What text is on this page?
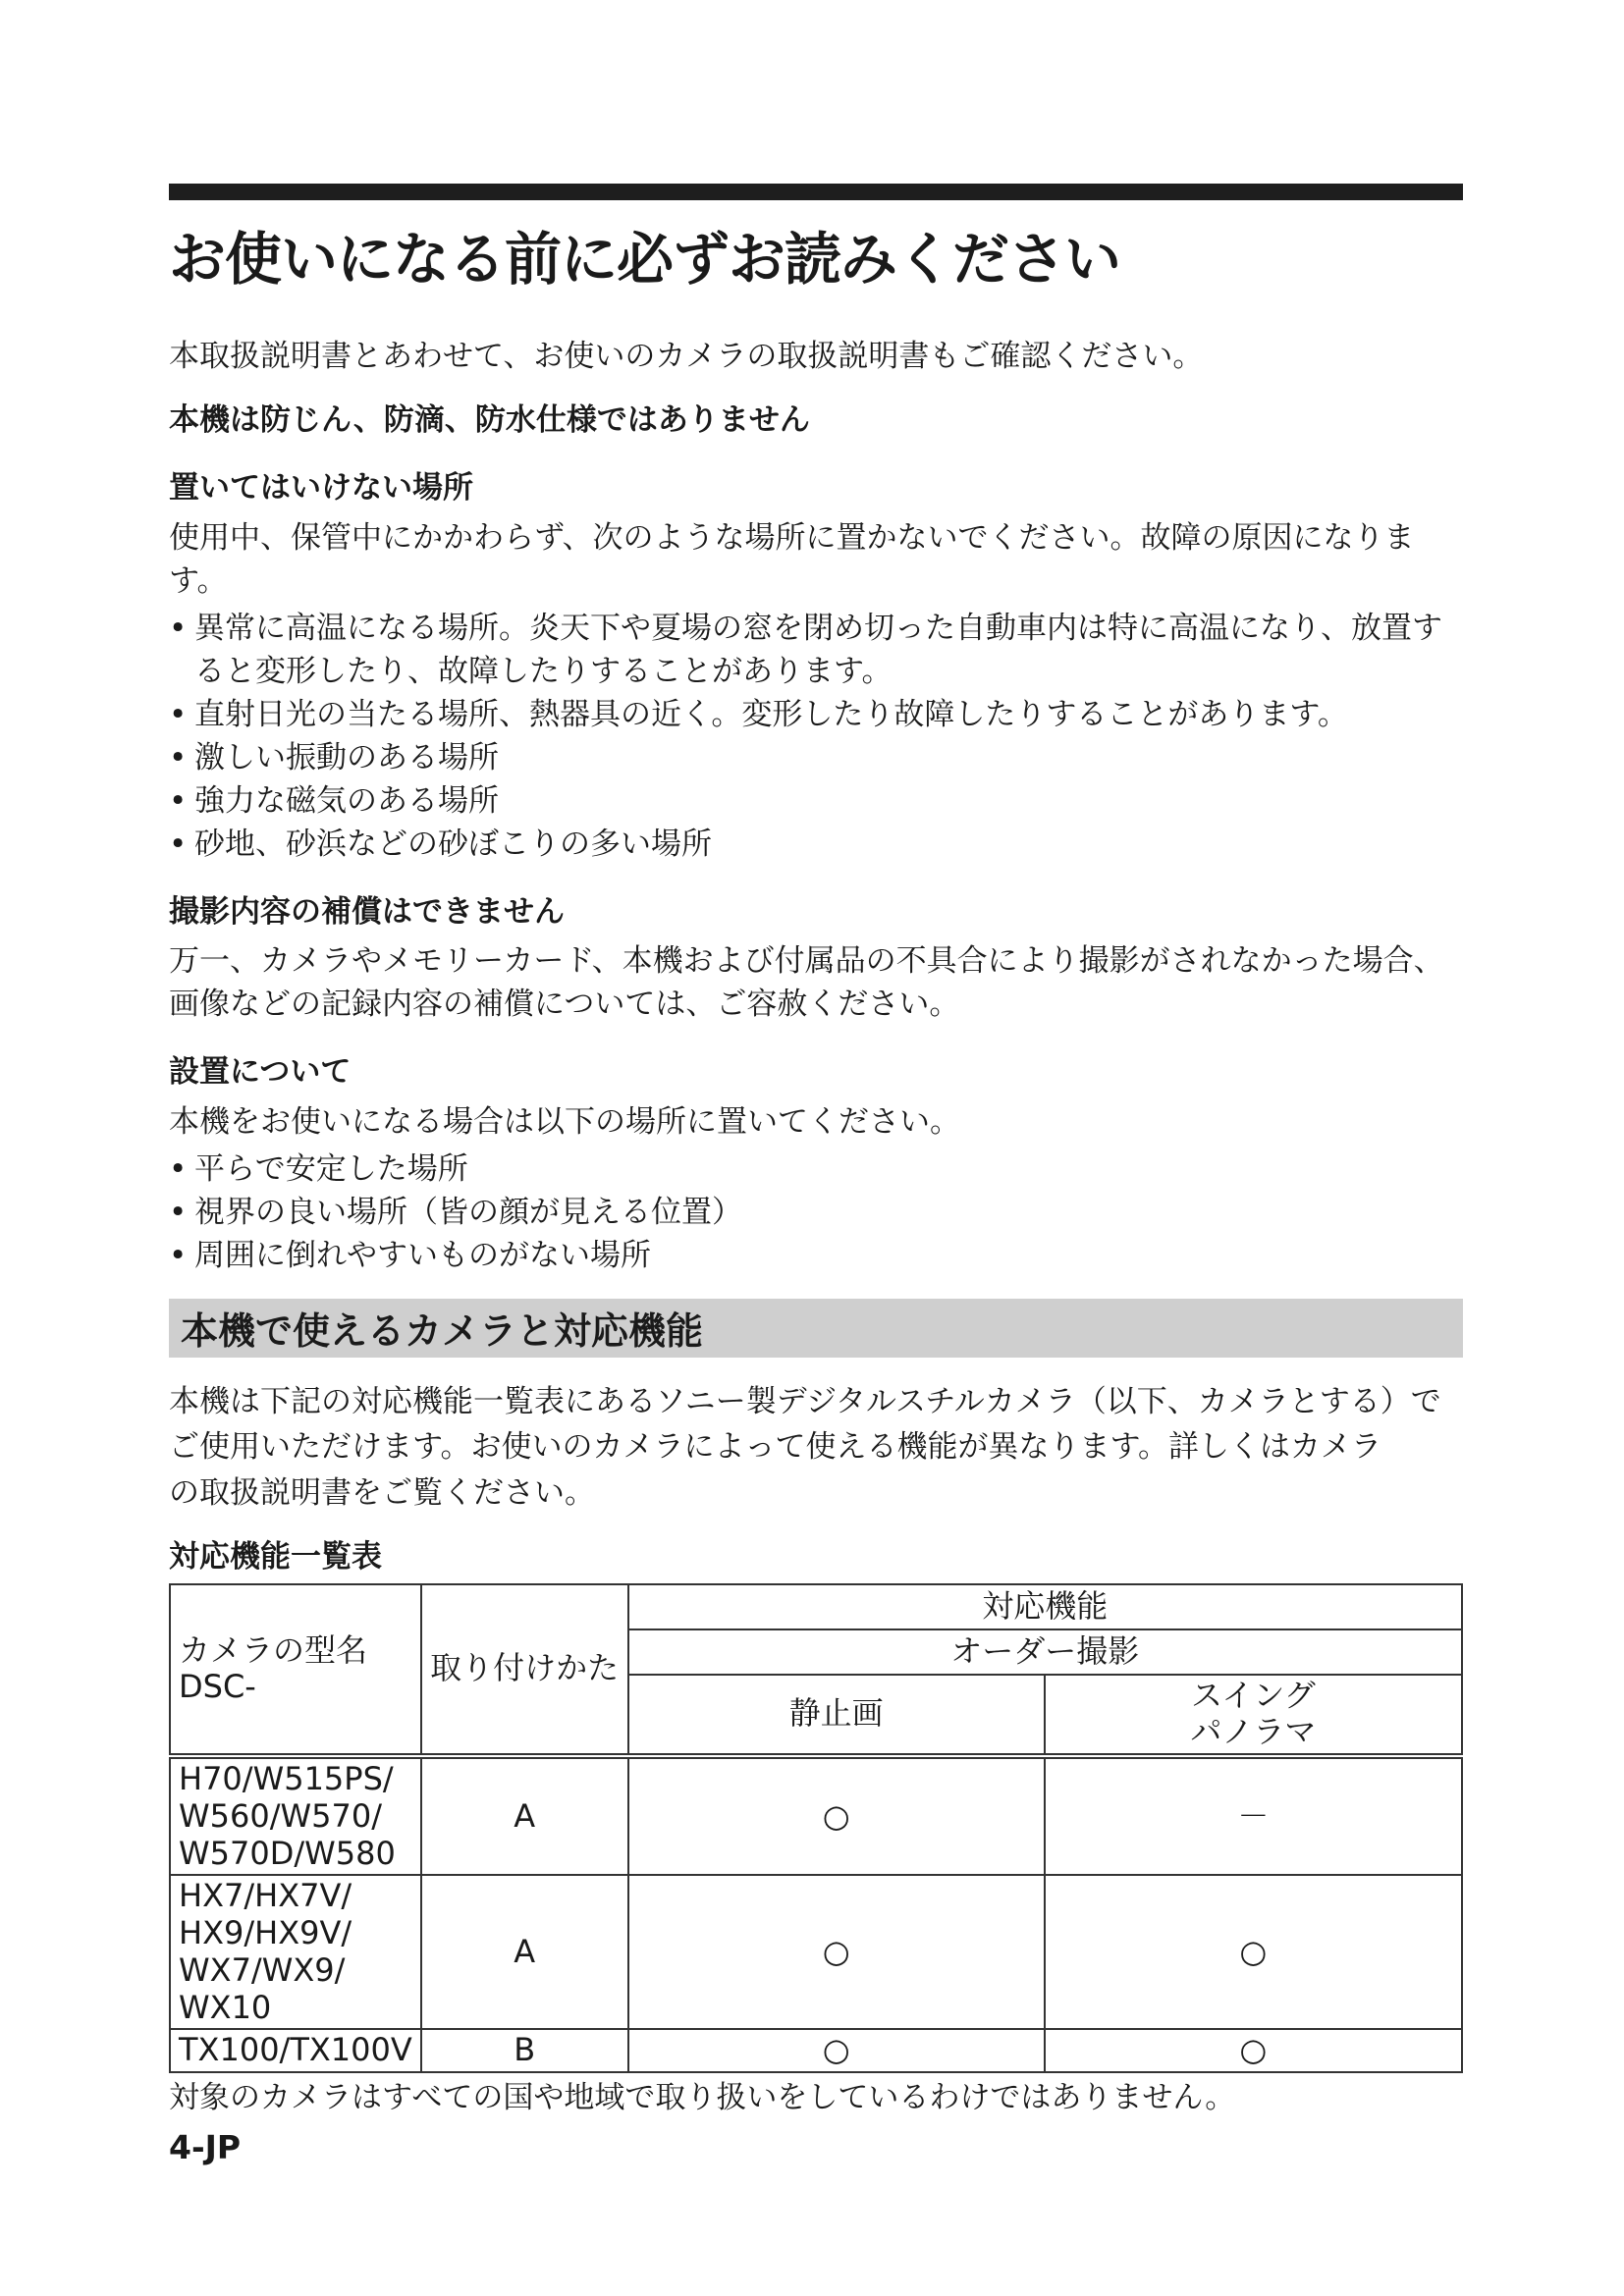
お使いになる前に必ずお読みください

本取扱説明書とあわせて、お使いのカメラの取扱説明書もご確認ください。

本機は防じん、防滴、防水仕様ではありません
置いてはいけない場所

使用中、保管中にかかわらず、次のような場所に置かないでください。故障の原因になります。

• 異常に高温になる場所。炎天下や夏場の窓を閉め切った自動車内は特に高温になり、放置すると変形したり、故障したりすることがあります。
• 直射日光の当たる場所、熱器具の近く。変形したり故障したりすることがあります。
• 激しい振動のある場所
• 強力な磁気のある場所
• 砂地、砂浜などの砂ぼこりの多い場所
撮影内容の補償はできません

万一、カメラやメモリーカード、本機および付属品の不具合により撮影がされなかった場合、画像などの記録内容の補償については、ご容赦ください。

設置について

本機をお使いになる場合は以下の場所に置いてください。

• 平らで安定した場所
• 視界の良い場所（皆の顔が見える位置）
• 周囲に倒れやすいものがない場所
本機で使えるカメラと対応機能
本機は下記の対応機能一覧表にあるソニー製デジタルスチルカメラ（以下、カメラとする）で
ご使用いただけます。お使いのカメラによって使える機能が異なります。詳しくはカメラ
の取扱説明書をご覧ください。
対応機能一覧表
カメラの型名
DSC-	取り付けかた	対応機能	
		オーダー撮影	
		静止画	スイング
パノラマ

H70/W515PS/
W560/W570/
W570D/W580	A	○	－

HX7/HX7V/
HX9/HX9V/
WX7/WX9/
WX10	A	○	○

TX100/TX100V	B	○	○

対象のカメラはすべての国や地域で取り扱いをしているわけではありません。

4-JP
